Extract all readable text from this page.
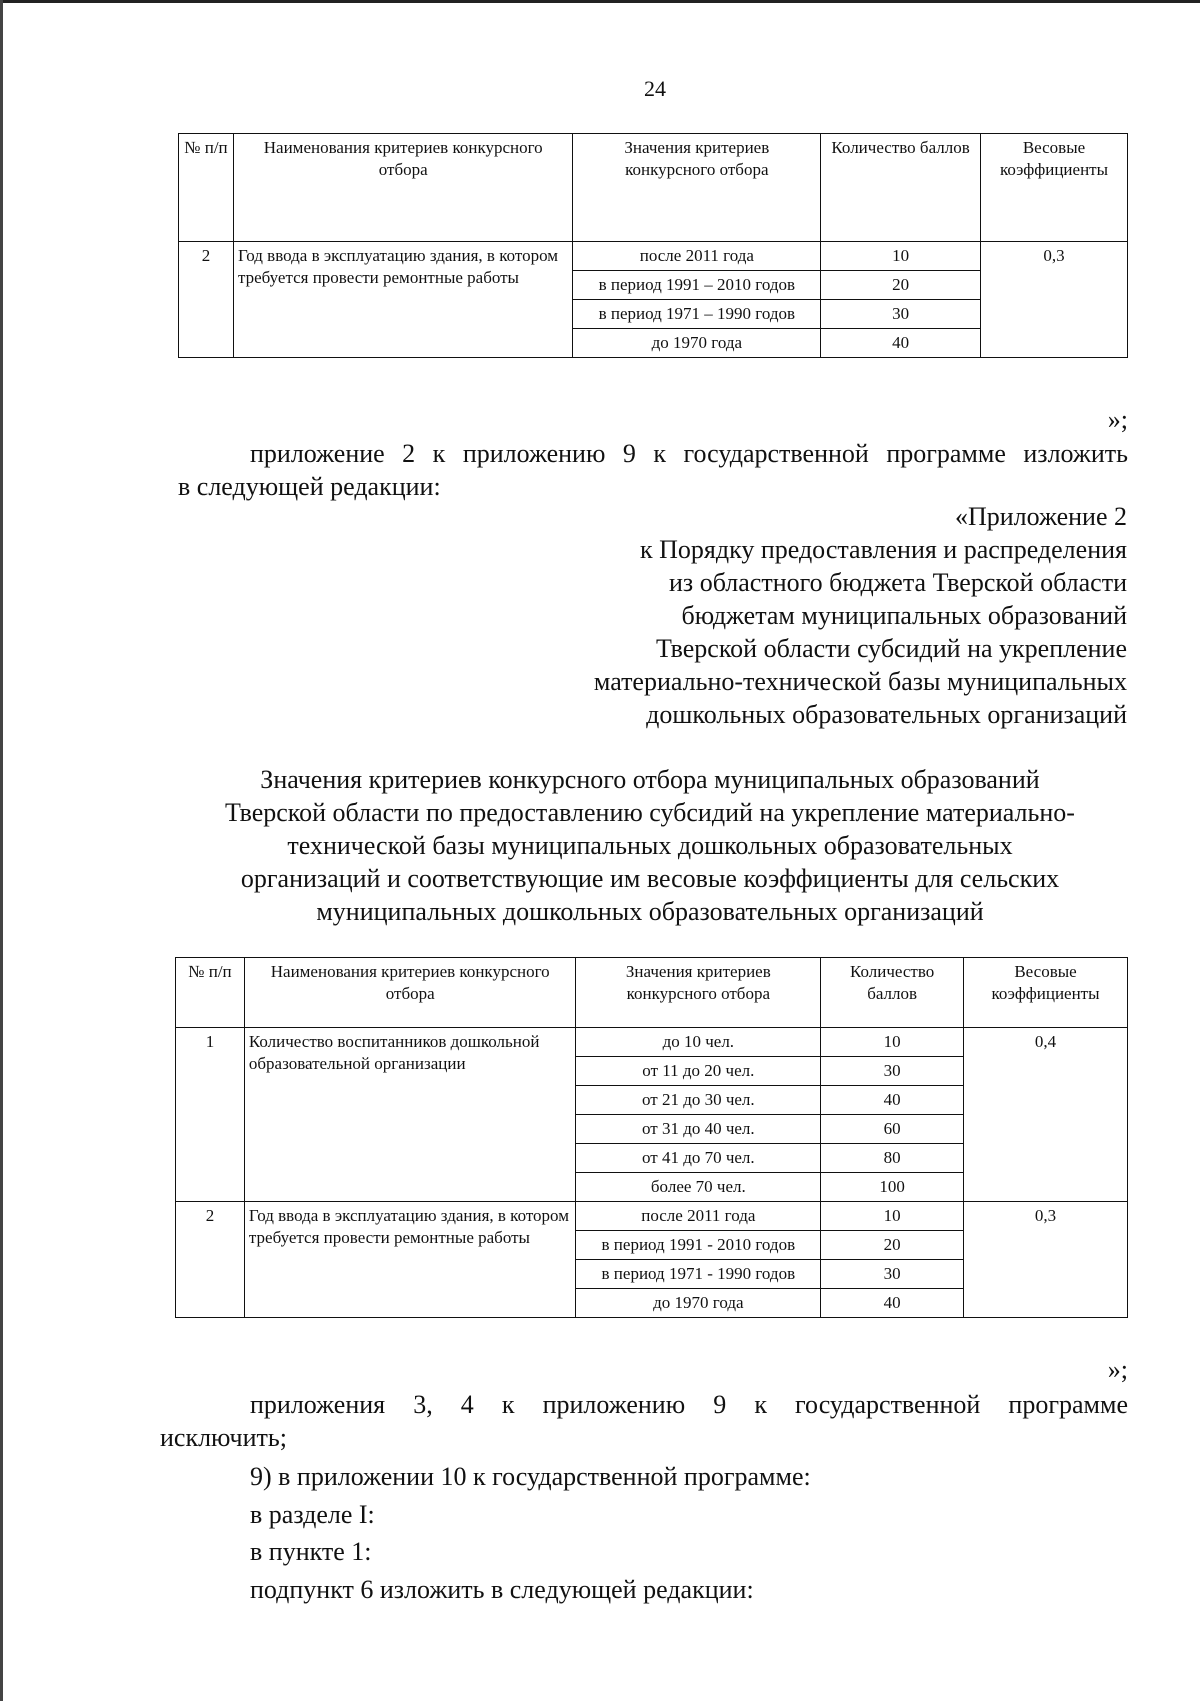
24
№ п/п	Наименования критериев конкурсного отбора	Значения критериев конкурсного отбора	Количество баллов	Весовые коэффициенты
2	Год ввода в эксплуатацию здания, в котором требуется провести ремонтные работы	после 2011 года	10	0,3
		в период 1991 – 2010 годов	20	
		в период 1971 – 1990 годов	30	
		до 1970 года	40	
»;
приложение 2 к приложению 9 к государственной программе изложить
в следующей редакции:
«Приложение 2
к Порядку предоставления и распределения
из областного бюджета Тверской области
бюджетам муниципальных образований
Тверской области субсидий на укрепление
материально-технической базы муниципальных
дошкольных образовательных организаций
Значения критериев конкурсного отбора муниципальных образований
Тверской области по предоставлению субсидий на укрепление материально-
технической базы муниципальных дошкольных образовательных
организаций и соответствующие им весовые коэффициенты для сельских
муниципальных дошкольных образовательных организаций
№ п/п	Наименования критериев конкурсного отбора	Значения критериев конкурсного отбора	Количество баллов	Весовые коэффициенты
1	Количество воспитанников дошкольной образовательной организации	до 10 чел.	10	0,4
		от 11 до 20 чел.	30	
		от 21 до 30 чел.	40	
		от 31 до 40 чел.	60	
		от 41 до 70 чел.	80	
		более 70 чел.	100	
2	Год ввода в эксплуатацию здания, в котором требуется провести ремонтные работы	после 2011 года	10	0,3
		в период 1991 - 2010 годов	20	
		в период 1971 - 1990 годов	30	
		до 1970 года	40	
»;
приложения 3, 4 к приложению 9 к государственной программе
исключить;
9) в приложении 10 к государственной программе:
в разделе I:
в пункте 1:
подпункт 6 изложить в следующей редакции:
